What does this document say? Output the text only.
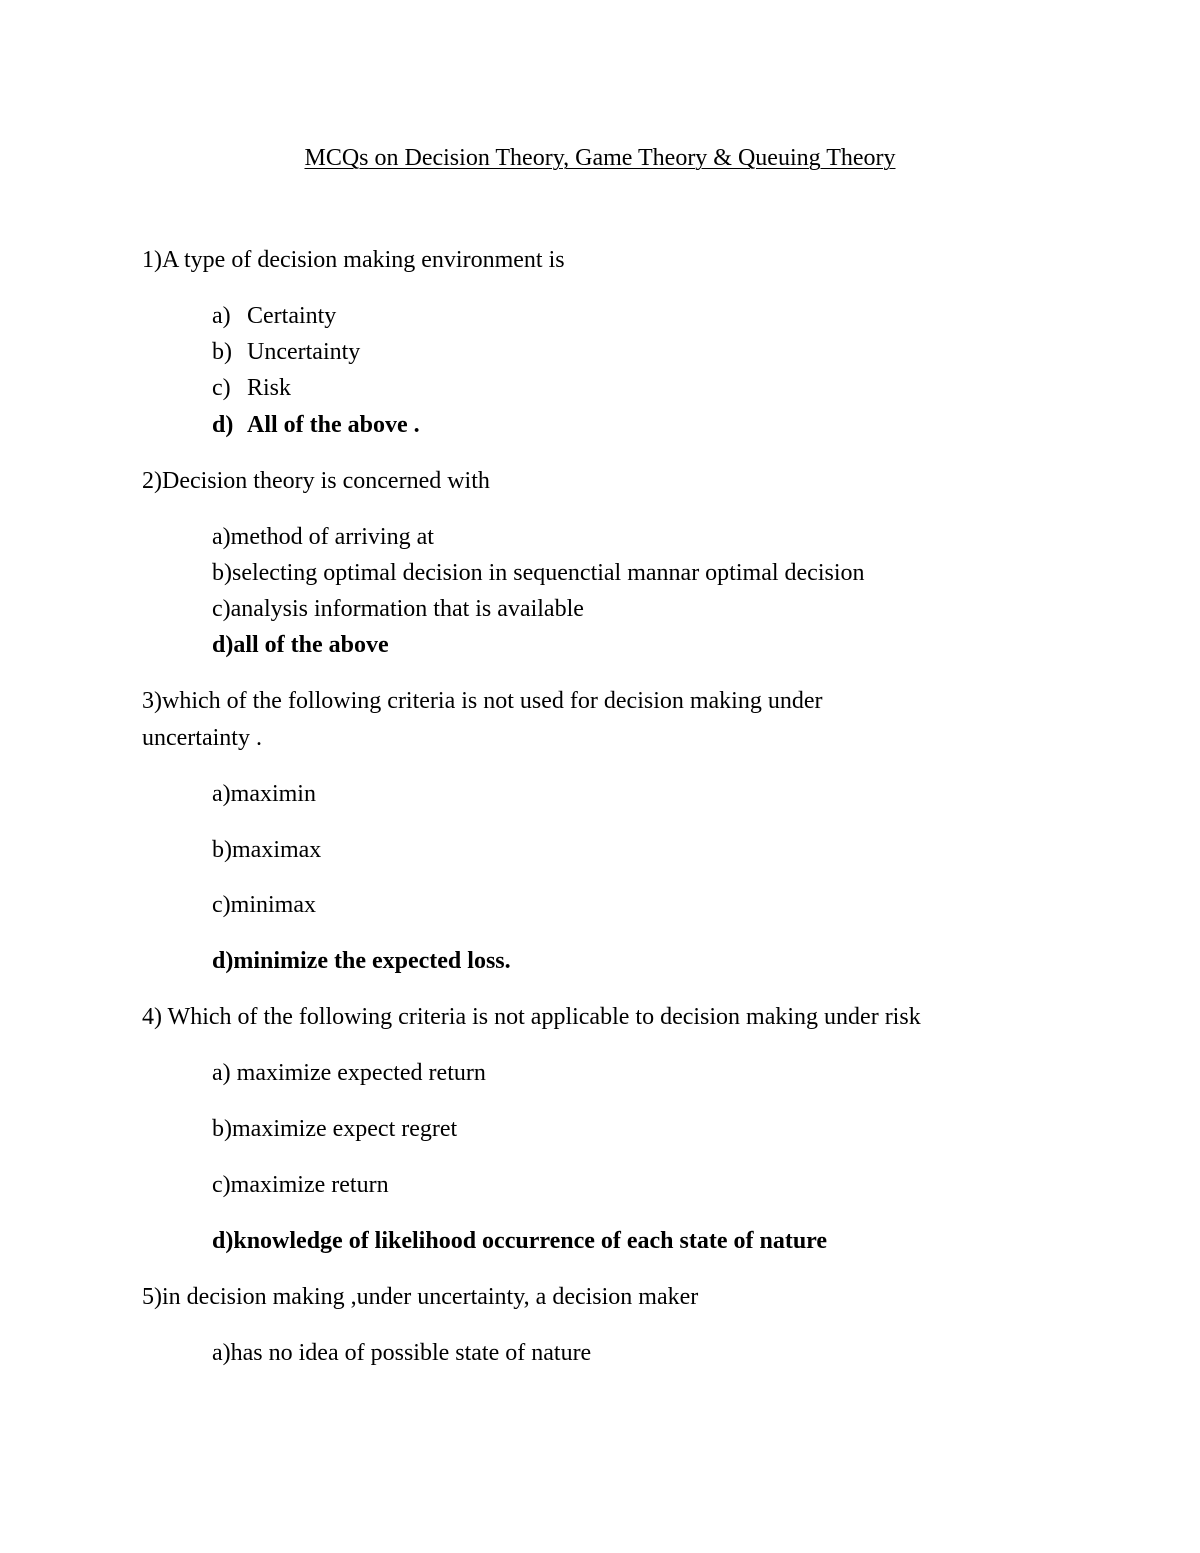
MCQs on Decision Theory, Game Theory & Queuing Theory
1)A type of decision making environment is
a) Certainty
b) Uncertainty
c) Risk
d) All of the above .
2)Decision theory is concerned with
a)method of arriving at
b)selecting optimal decision in sequenctial mannar optimal decision
c)analysis information that is available
d)all of the above
3)which of the following criteria is not used for decision making under
uncertainty .
a)maximin
b)maximax
c)minimax
d)minimize the expected loss.
4) Which of the following criteria is not applicable to decision making under risk
a) maximize expected return
b)maximize expect regret
c)maximize return
d)knowledge of likelihood occurrence of each state of nature
5)in decision making ,under uncertainty, a decision maker
a)has no idea of possible state of nature
